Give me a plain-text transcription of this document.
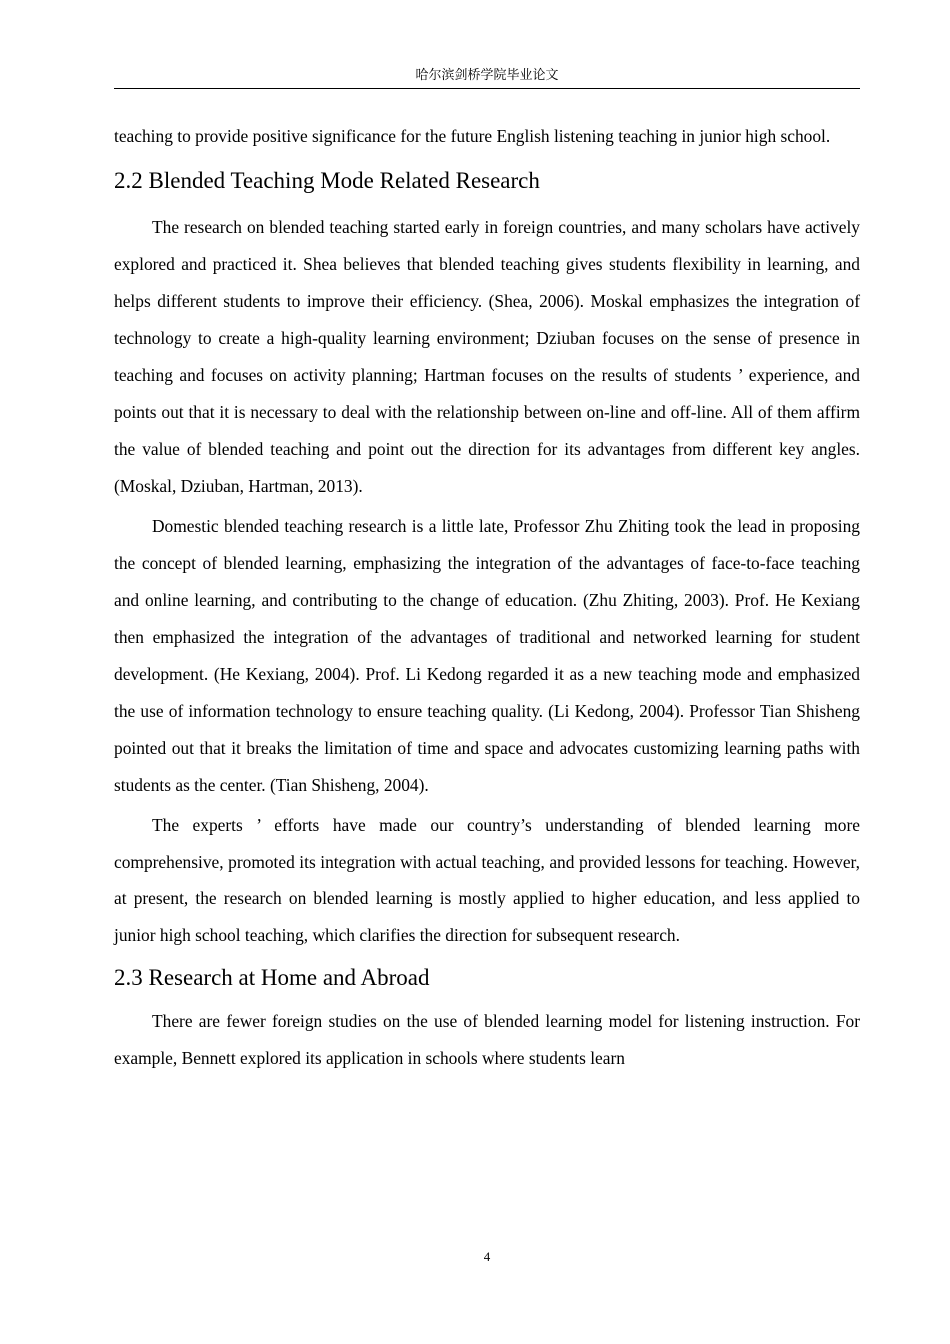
哈尔滨剑桥学院毕业论文

teaching to provide positive significance for the future English listening teaching in junior high school.

2.2 Blended Teaching Mode Related Research

The research on blended teaching started early in foreign countries, and many scholars have actively explored and practiced it. Shea believes that blended teaching gives students flexibility in learning, and helps different students to improve their efficiency. (Shea, 2006). Moskal emphasizes the integration of technology to create a high-quality learning environment; Dziuban focuses on the sense of presence in teaching and focuses on activity planning; Hartman focuses on the results of students ’ experience, and points out that it is necessary to deal with the relationship between on-line and off-line. All of them affirm the value of blended teaching and point out the direction for its advantages from different key angles. (Moskal, Dziuban, Hartman, 2013).

Domestic blended teaching research is a little late, Professor Zhu Zhiting took the lead in proposing the concept of blended learning, emphasizing the integration of the advantages of face-to-face teaching and online learning, and contributing to the change of education. (Zhu Zhiting, 2003). Prof. He Kexiang then emphasized the integration of the advantages of traditional and networked learning for student development. (He Kexiang, 2004). Prof. Li Kedong regarded it as a new teaching mode and emphasized the use of information technology to ensure teaching quality. (Li Kedong, 2004). Professor Tian Shisheng pointed out that it breaks the limitation of time and space and advocates customizing learning paths with students as the center. (Tian Shisheng, 2004).

The experts ’ efforts have made our country’s understanding of blended learning more comprehensive, promoted its integration with actual teaching, and provided lessons for teaching. However, at present, the research on blended learning is mostly applied to higher education, and less applied to junior high school teaching, which clarifies the direction for subsequent research.

2.3 Research at Home and Abroad

There are fewer foreign studies on the use of blended learning model for listening instruction. For example, Bennett explored its application in schools where students learn

4
